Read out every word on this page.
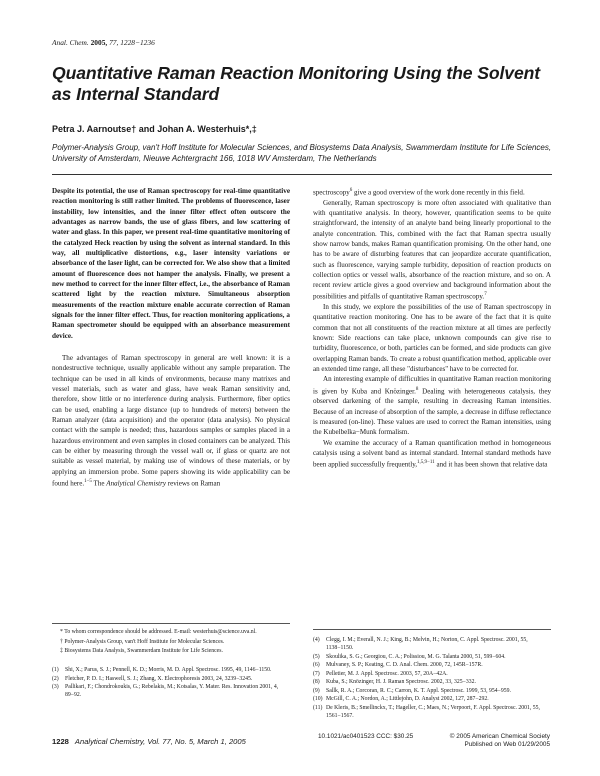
Anal. Chem. 2005, 77, 1228−1236
Quantitative Raman Reaction Monitoring Using the Solvent as Internal Standard
Petra J. Aarnoutse† and Johan A. Westerhuis*,‡
Polymer-Analysis Group, van't Hoff Institute for Molecular Sciences, and Biosystems Data Analysis, Swammerdam Institute for Life Sciences, University of Amsterdam, Nieuwe Achtergracht 166, 1018 WV Amsterdam, The Netherlands

Despite its potential, the use of Raman spectroscopy for real-time quantitative reaction monitoring is still rather limited. The problems of fluorescence, laser instability, low intensities, and the inner filter effect often outscore the advantages as narrow bands, the use of glass fibers, and low scattering of water and glass. In this paper, we present real-time quantitative monitoring of the catalyzed Heck reaction by using the solvent as internal standard. In this way, all multiplicative distortions, e.g., laser intensity variations or absorbance of the laser light, can be corrected for. We also show that a limited amount of fluorescence does not hamper the analysis. Finally, we present a new method to correct for the inner filter effect, i.e., the absorbance of Raman scattered light by the reaction mixture. Simultaneous absorption measurements of the reaction mixture enable accurate correction of Raman signals for the inner filter effect. Thus, for reaction monitoring applications, a Raman spectrometer should be equipped with an absorbance measurement device.

The advantages of Raman spectroscopy in general are well known: it is a nondestructive technique, usually applicable without any sample preparation. The technique can be used in all kinds of environments, because many matrixes and vessel materials, such as water and glass, have weak Raman sensitivity and, therefore, show little or no interference during analysis. Furthermore, fiber optics can be used, enabling a large distance (up to hundreds of meters) between the Raman analyzer (data acquisition) and the operator (data analysis). No physical contact with the sample is needed; thus, hazardous samples or samples placed in a hazardous environment and even samples in closed containers can be analyzed. This can be either by measuring through the vessel wall or, if glass or quartz are not suitable as vessel material, by making use of windows of these materials, or by applying an immersion probe. Some papers showing its wide applicability can be found here.$^{1-5}$ The Analytical Chemistry reviews on Raman

spectroscopy$^6$ give a good overview of the work done recently in this field.

Generally, Raman spectroscopy is more often associated with qualitative than with quantitative analysis. In theory, however, quantification seems to be quite straightforward, the intensity of an analyte band being linearly proportional to the analyte concentration. This, combined with the fact that Raman spectra usually show narrow bands, makes Raman quantification promising. On the other hand, one has to be aware of disturbing features that can jeopardize accurate quantification, such as fluorescence, varying sample turbidity, deposition of reaction products on collection optics or vessel walls, absorbance of the reaction mixture, and so on. A recent review article gives a good overview and background information about the possibilities and pitfalls of quantitative Raman spectroscopy.$^7$

In this study, we explore the possibilities of the use of Raman spectroscopy in quantitative reaction monitoring. One has to be aware of the fact that it is quite common that not all constituents of the reaction mixture at all times are perfectly known: Side reactions can take place, unknown compounds can give rise to turbidity, fluorescence, or both, particles can be formed, and side products can give overlapping Raman bands. To create a robust quantification method, applicable over an extended time range, all these "disturbances" have to be corrected for.

An interesting example of difficulties in quantitative Raman reaction monitoring is given by Kuba and Knözinger.$^8$ Dealing with heterogeneous catalysis, they observed darkening of the sample, resulting in decreasing Raman intensities. Because of an increase of absorption of the sample, a decrease in diffuse reflectance is measured (on-line). These values are used to correct the Raman intensities, using the Kubelbelka−Munk formalism.

We examine the accuracy of a Raman quantification method in homogeneous catalysis using a solvent band as internal standard. Internal standard methods have been applied successfully frequently,$^{1,5,9-11}$ and it has been shown that relative data

* To whom correspondence should be addressed. E-mail: westerhuis@science.uva.nl.

† Polymer-Analysis Group, van't Hoff Institute for Molecular Sciences.

‡ Biosystems Data Analysis, Swammerdam Institute for Life Sciences.

(1)	Shi, X.; Parus, S. J.; Pennell, K. D.; Morris, M. D. Appl. Spectrosc. 1995, 49, 1146−1150.
(2)	Fletcher, P. D. I.; Haswell, S. J.; Zhang, X. Electrophoresis 2003, 24, 3239−3245.
(3)	Pallikari, F.; Chondrokoukis, G.; Rebelakis, M.; Kotsalas, Y. Mater. Res. Innovation 2001, 4, 89−92.
(4)	Clegg, I. M.; Everall, N. J.; King, B.; Melvin, H.; Norton, C. Appl. Spectrosc. 2001, 55, 1138−1150.
(5)	Skoulika, S. G.; Georgiou, C. A.; Polissiou, M. G. Talanta 2000, 51, 599−604.
(6)	Mulvaney, S. P.; Keating, C. D. Anal. Chem. 2000, 72, 145R−157R.
(7)	Pelletier, M. J. Appl. Spectrosc. 2003, 57, 20A−42A.
(8)	Kuba, S.; Knözinger, H. J. Raman Spectrosc. 2002, 33, 325−332.
(9)	Sallk, R. A.; Corcoran, R. C.; Carron, K. T. Appl. Spectrosc. 1999, 53, 954−959.
(10) McGill, C. A.; Nordon, A.; Littlejohn, D. Analyst 2002, 127, 287−292.
(11) De Kleris, B.; Smellinckx, T.; Hageller, C.; Maes, N.; Verpoort, F. Appl. Spectrosc. 2001, 55, 1561−1567.
1228 Analytical Chemistry, Vol. 77, No. 5, March 1, 2005
10.1021/ac0401523 CCC: $30.25	© 2005 American Chemical Society
Published on Web 01/29/2005
